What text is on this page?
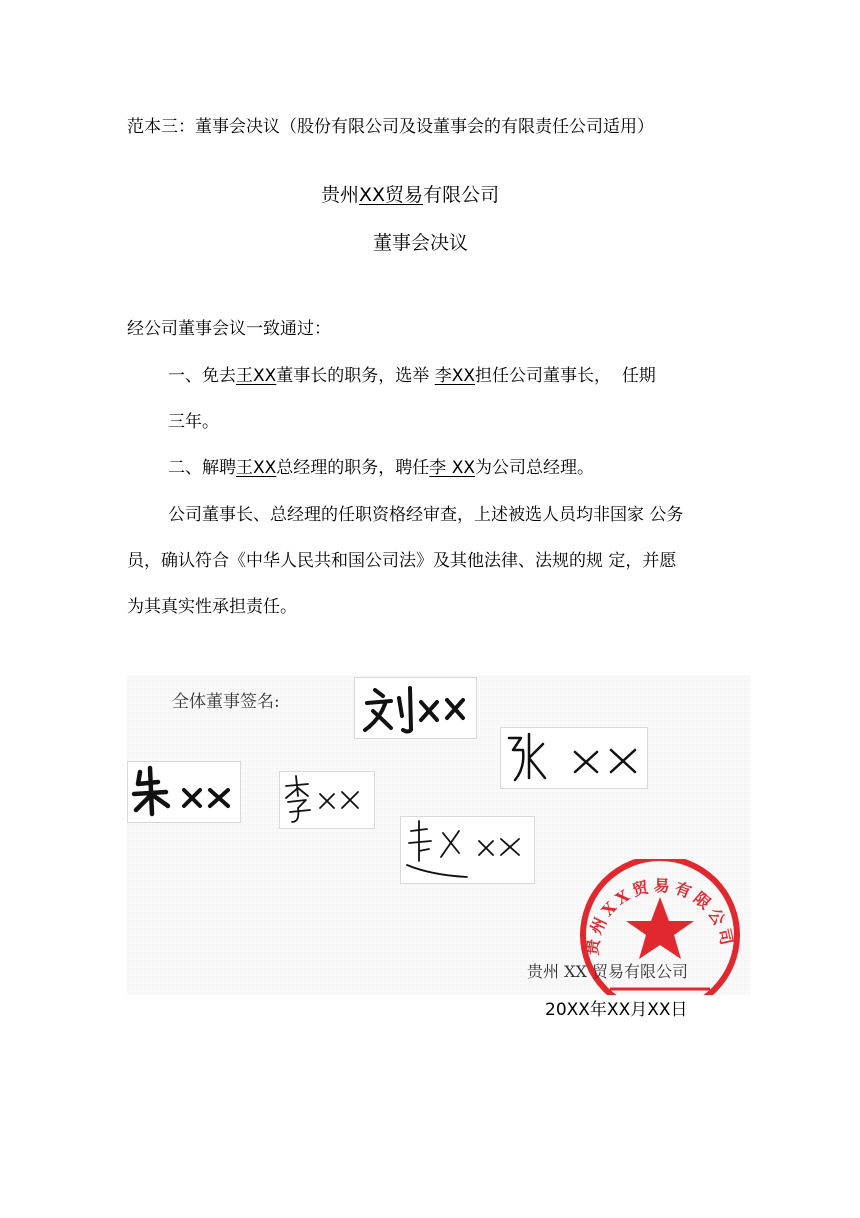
范本三：董事会决议（股份有限公司及设董事会的有限责任公司适用）
贵州XX贸易有限公司
董事会决议
经公司董事会议一致通过：
一、免去王XX董事长的职务，选举 李XX担任公司董事长， 任期
三年。
二、解聘王XX总经理的职务，聘任李 XX为公司总经理。
公司董事长、总经理的任职资格经审查，上述被选人员均非国家 公务
员，确认符合《中华人民共和国公司法》及其他法律、法规的规 定，并愿
为其真实性承担责任。
全体董事签名:
贵州XX贸易有限公司
贵州 XX 贸易有限公司
20XX年XX月XX日
